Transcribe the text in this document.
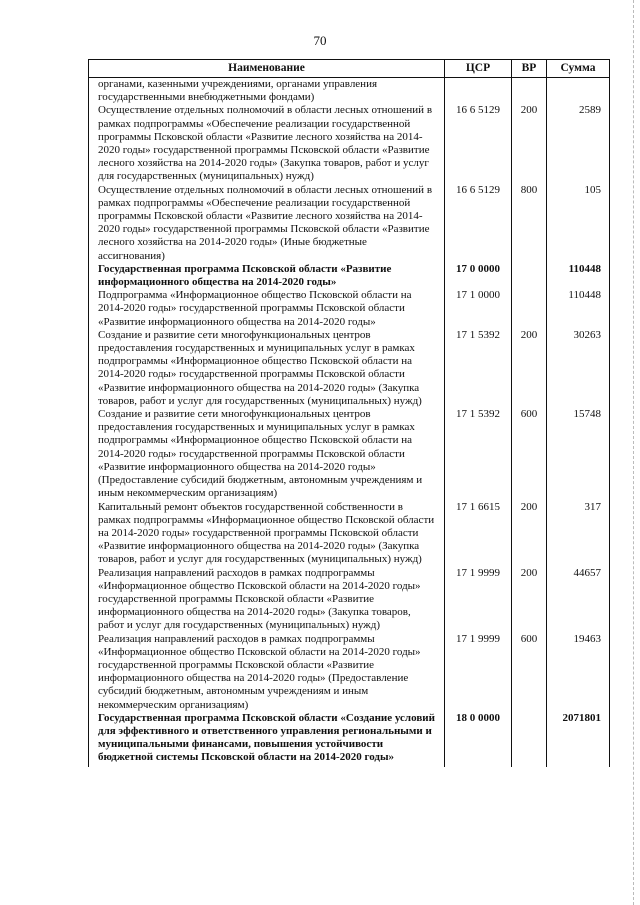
70
Наименование	ЦСР	ВР	Сумма
органами, казенными учреждениями, органами управления государственными внебюджетными фондами)			
Осуществление отдельных полномочий в области лесных отношений в рамках подпрограммы «Обеспечение реализации государственной программы Псковской области «Развитие лесного хозяйства на 2014-2020 годы» государственной программы Псковской области «Развитие лесного хозяйства на 2014-2020 годы» (Закупка товаров, работ и услуг для государственных (муниципальных) нужд)	16 6 5129	200	2589
Осуществление отдельных полномочий в области лесных отношений в рамках подпрограммы «Обеспечение реализации государственной программы Псковской области «Развитие лесного хозяйства на 2014-2020 годы» государственной программы Псковской области «Развитие лесного хозяйства на 2014-2020 годы» (Иные бюджетные ассигнования)	16 6 5129	800	105
Государственная программа Псковской области «Развитие информационного общества на 2014-2020 годы»	17 0 0000		110448
Подпрограмма «Информационное общество Псковской области на 2014-2020 годы» государственной программы Псковской области «Развитие информационного общества на 2014-2020 годы»	17 1 0000		110448
Создание и развитие сети многофункциональных центров предоставления государственных и муниципальных услуг в рамках подпрограммы «Информационное общество Псковской области на 2014-2020 годы» государственной программы Псковской области «Развитие информационного общества на 2014-2020 годы» (Закупка товаров, работ и услуг для государственных (муниципальных) нужд)	17 1 5392	200	30263
Создание и развитие сети многофункциональных центров предоставления государственных и муниципальных услуг в рамках подпрограммы «Информационное общество Псковской области на 2014-2020 годы» государственной программы Псковской области «Развитие информационного общества на 2014-2020 годы» (Предоставление субсидий бюджетным, автономным учреждениям и иным некоммерческим организациям)	17 1 5392	600	15748
Капитальный ремонт объектов государственной собственности в рамках подпрограммы «Информационное общество Псковской области на 2014-2020 годы» государственной программы Псковской области «Развитие информационного общества на 2014-2020 годы» (Закупка товаров, работ и услуг для государственных (муниципальных) нужд)	17 1 6615	200	317
Реализация направлений расходов в рамках подпрограммы «Информационное общество Псковской области на 2014-2020 годы» государственной программы Псковской области «Развитие информационного общества на 2014-2020 годы» (Закупка товаров, работ и услуг для государственных (муниципальных) нужд)	17 1 9999	200	44657
Реализация направлений расходов в рамках подпрограммы «Информационное общество Псковской области на 2014-2020 годы» государственной программы Псковской области «Развитие информационного общества на 2014-2020 годы» (Предоставление субсидий бюджетным, автономным учреждениям и иным некоммерческим организациям)	17 1 9999	600	19463
Государственная программа Псковской области «Создание условий для эффективного и ответственного управления региональными и муниципальными финансами, повышения устойчивости бюджетной системы Псковской области на 2014-2020 годы»	18 0 0000		2071801
